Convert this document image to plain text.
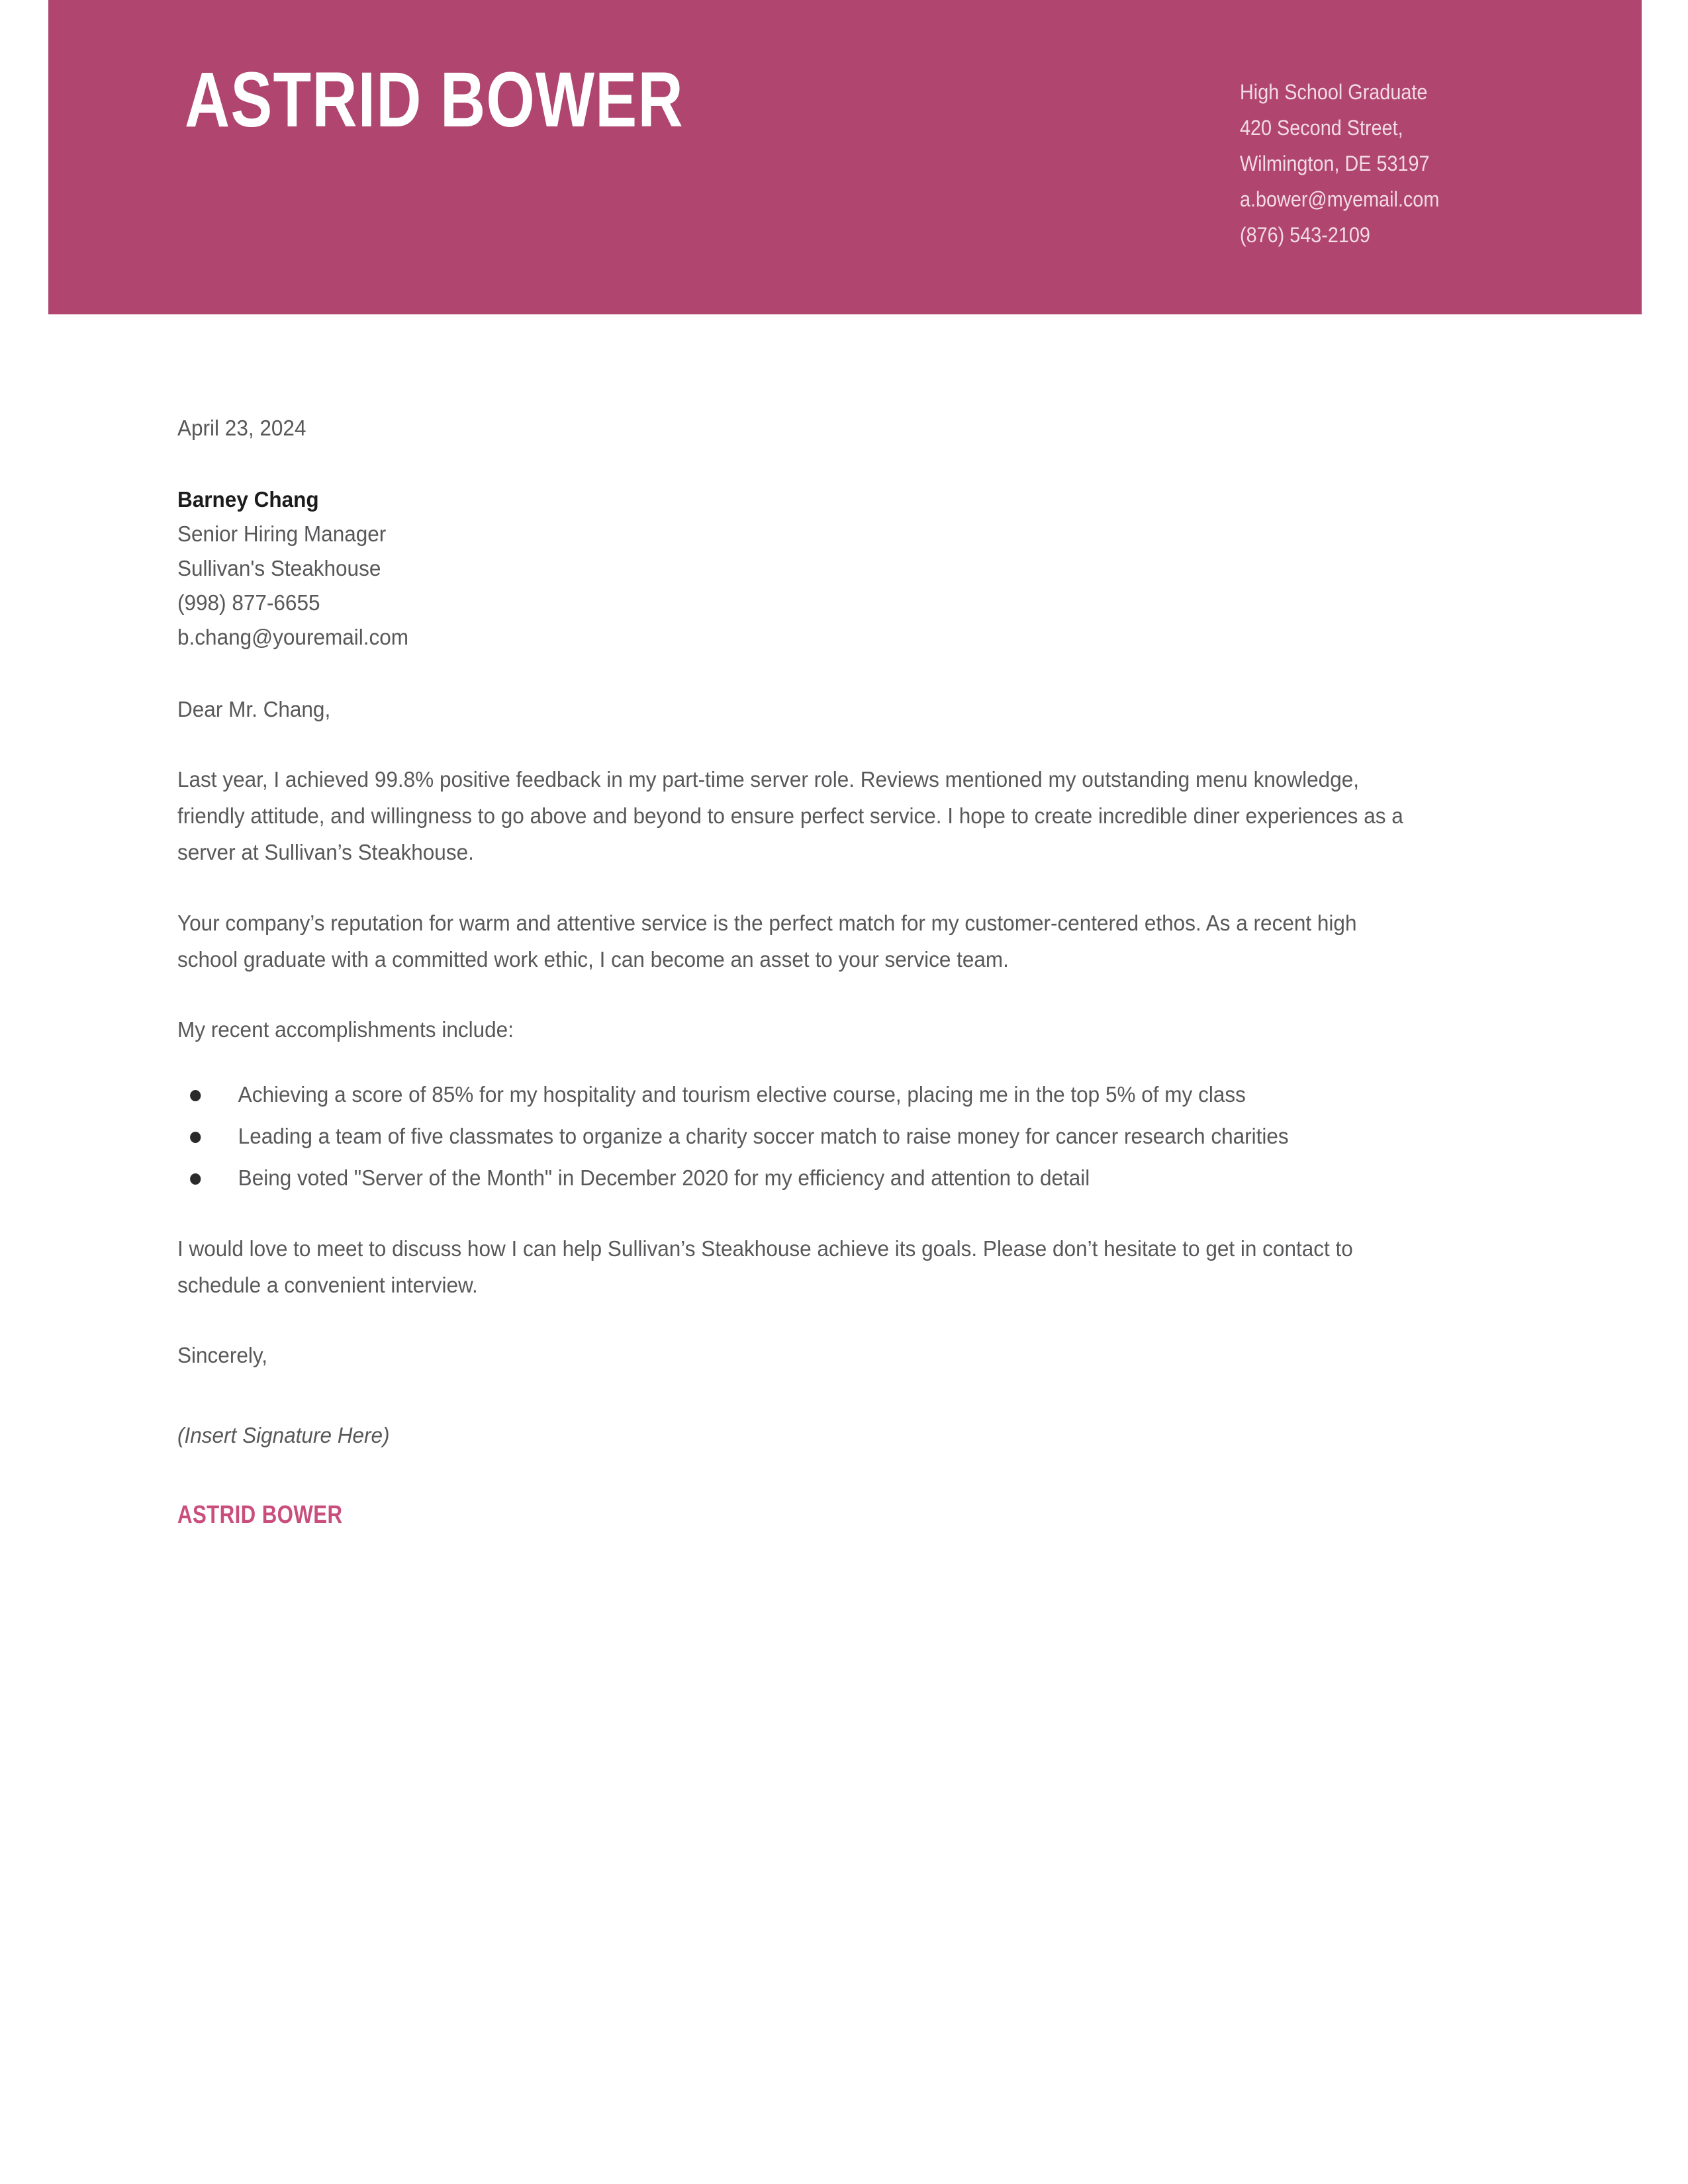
ASTRID BOWER	High School Graduate
420 Second Street,
Wilmington, DE 53197
a.bower@myemail.com
(876) 543-2109

April 23, 2024

Barney Chang
Senior Hiring Manager
Sullivan's Steakhouse
(998) 877-6655
b.chang@youremail.com

Dear Mr. Chang,

Last year, I achieved 99.8% positive feedback in my part-time server role. Reviews mentioned my outstanding menu knowledge, friendly attitude, and willingness to go above and beyond to ensure perfect service. I hope to create incredible diner experiences as a server at Sullivan’s Steakhouse.

Your company’s reputation for warm and attentive service is the perfect match for my customer-centered ethos. As a recent high school graduate with a committed work ethic, I can become an asset to your service team.

My recent accomplishments include:

Achieving a score of 85% for my hospitality and tourism elective course, placing me in the top 5% of my class
Leading a team of five classmates to organize a charity soccer match to raise money for cancer research charities
Being voted "Server of the Month" in December 2020 for my efficiency and attention to detail

I would love to meet to discuss how I can help Sullivan’s Steakhouse achieve its goals. Please don’t hesitate to get in contact to schedule a convenient interview.

Sincerely,

(Insert Signature Here)

ASTRID BOWER
